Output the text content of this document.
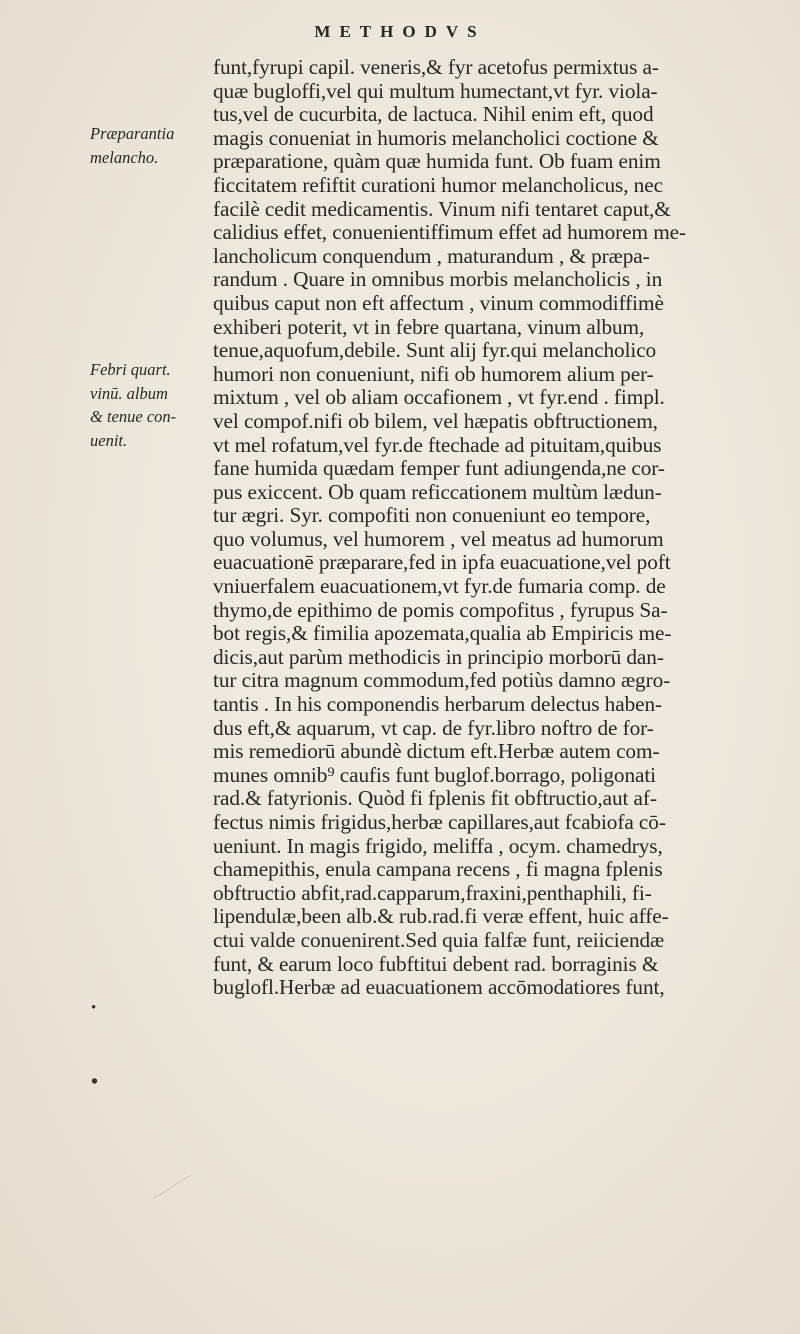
METHODVS
Præparantia
melancho.
Febri quart.
vinū. album
& tenue con-
uenit.
•
•
funt,fyrupi capil. veneris,& fyr acetofus permixtus a-
quæ bugloffi,vel qui multum humectant,vt fyr. viola-
tus,vel de cucurbita, de lactuca. Nihil enim eft, quod
magis conueniat in humoris melancholici coctione &
præparatione, quàm quæ humida funt. Ob fuam enim
ficcitatem refiftit curationi humor melancholicus, nec
facilè cedit medicamentis. Vinum nifi tentaret caput,&
calidius effet, conuenientiffimum effet ad humorem me-
lancholicum conquendum , maturandum , & præpa-
randum . Quare in omnibus morbis melancholicis , in
quibus caput non eft affectum , vinum commodiffimè
exhiberi poterit, vt in febre quartana, vinum album,
tenue,aquofum,debile. Sunt alij fyr.qui melancholico
humori non conueniunt, nifi ob humorem alium per-
mixtum , vel ob aliam occafionem , vt fyr.end . fimpl.
vel compof.nifi ob bilem, vel hæpatis obftructionem,
vt mel rofatum,vel fyr.de ftechade ad pituitam,quibus
fane humida quædam femper funt adiungenda,ne cor-
pus exiccent. Ob quam reficcationem multùm lædun-
tur ægri. Syr. compofiti non conueniunt eo tempore,
quo volumus, vel humorem , vel meatus ad humorum
euacuationē præparare,fed in ipfa euacuatione,vel poft
vniuerfalem euacuationem,vt fyr.de fumaria comp. de
thymo,de epithimo de pomis compofitus , fyrupus Sa-
bot regis,& fimilia apozemata,qualia ab Empiricis me-
dicis,aut parùm methodicis in principio morborū dan-
tur citra magnum commodum,fed potiùs damno ægro-
tantis . In his componendis herbarum delectus haben-
dus eft,& aquarum, vt cap. de fyr.libro noftro de for-
mis remediorū abundè dictum eft.Herbæ autem com-
munes omnib⁹ caufis funt buglof.borrago, poligonati
rad.& fatyrionis. Quòd fi fplenis fit obftructio,aut af-
fectus nimis frigidus,herbæ capillares,aut fcabiofa cō-
ueniunt. In magis frigido, meliffa , ocym. chamedrys,
chamepithis, enula campana recens , fi magna fplenis
obftructio abfit,rad.capparum,fraxini,penthaphili, fi-
lipendulæ,been alb.& rub.rad.fi veræ effent, huic affe-
ctui valde conuenirent.Sed quia falfæ funt, reiiciendæ
funt, & earum loco fubftitui debent rad. borraginis &
buglofl.Herbæ ad euacuationem accōmodatiores funt,
